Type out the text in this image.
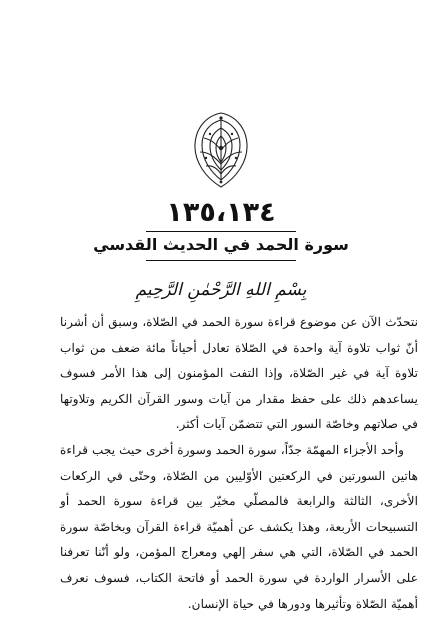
١٣٥،١٣٤
سورة الحمد في الحديث القدسي
بِسْمِ اللهِ الرَّحْمٰنِ الرَّحِيمِ

نتحدّث الآن عن موضوع قراءة سورة الحمد في الصّلاة، وسبق أن أشرنا أنّ ثواب تلاوة آية واحدة في الصّلاة تعادل أحياناً مائة ضعف من ثواب تلاوة آية في غير الصّلاة، وإذا التفت المؤمنون إلى هذا الأمر فسوف يساعدهم ذلك على حفظ مقدار من آيات وسور القرآن الكريم وتلاوتها في صلاتهم وخاصّة السور التي تتضمّن آيات أكثر.

وأحد الأجزاء المهمّة جدّاً، سورة الحمد وسورة أخرى حيث يجب قراءة هاتين السورتين في الركعتين الأوّليين من الصّلاة، وحتّى في الركعات الأخرى، الثالثة والرابعة فالمصلّي مخيّر بين قراءة سورة الحمد أو التسبيحات الأربعة، وهذا يكشف عن أهميّة قراءة القرآن وبخاصّة سورة الحمد في الصّلاة، التي هي سفر إلهي ومعراج المؤمن، ولو أنّنا تعرفنا على الأسرار الواردة في سورة الحمد أو فاتحة الكتاب، فسوف نعرف أهميّة الصّلاة وتأثيرها ودورها في حياة الإنسان.
